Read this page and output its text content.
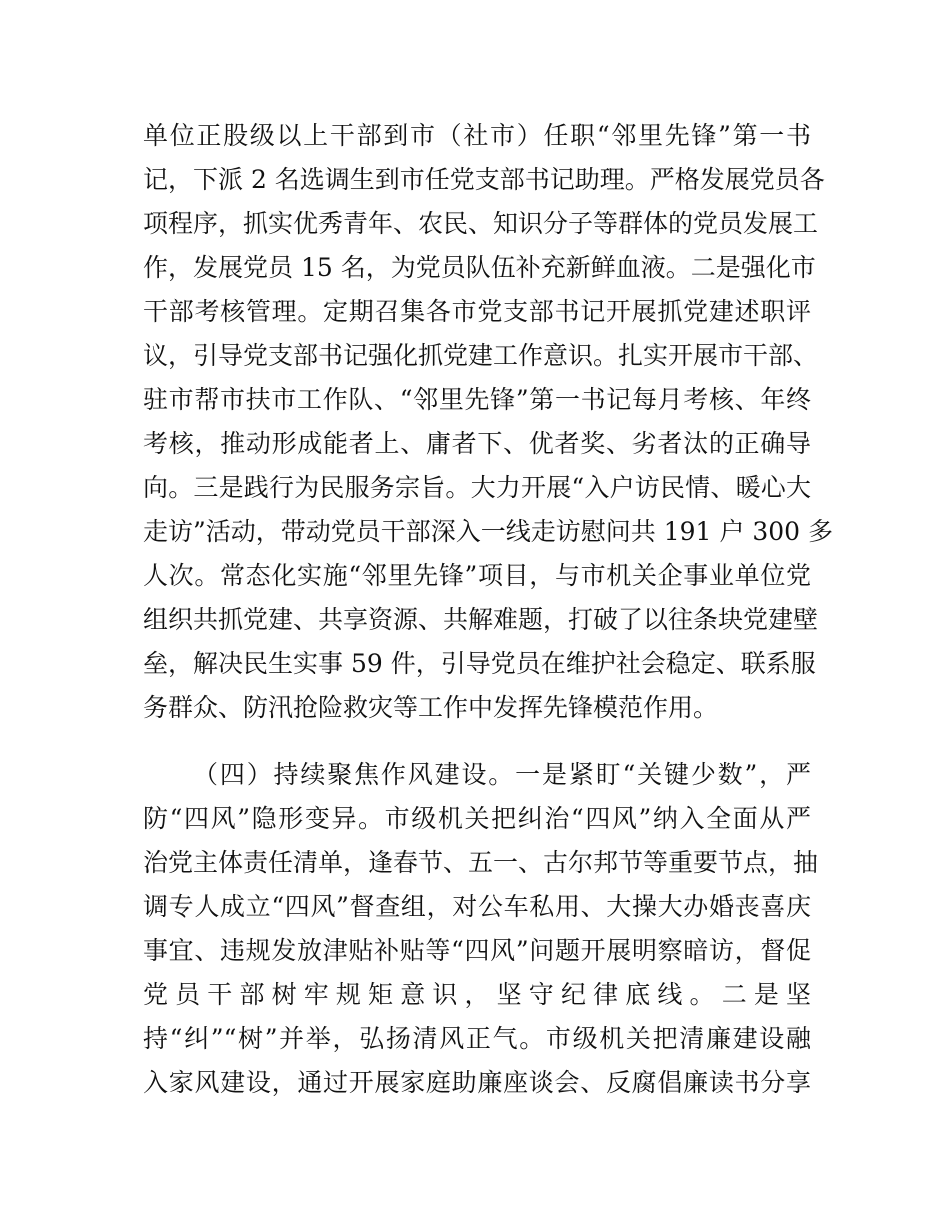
单位正股级以上干部到市（社市）任职“邻里先锋”第一书
记，下派 2 名选调生到市任党支部书记助理。严格发展党员各
项程序，抓实优秀青年、农民、知识分子等群体的党员发展工
作，发展党员 15 名，为党员队伍补充新鲜血液。二是强化市
干部考核管理。定期召集各市党支部书记开展抓党建述职评
议，引导党支部书记强化抓党建工作意识。扎实开展市干部、
驻市帮市扶市工作队、“邻里先锋”第一书记每月考核、年终
考核，推动形成能者上、庸者下、优者奖、劣者汰的正确导
向。三是践行为民服务宗旨。大力开展“入户访民情、暖心大
走访”活动，带动党员干部深入一线走访慰问共 191 户 300 多
人次。常态化实施“邻里先锋”项目，与市机关企事业单位党
组织共抓党建、共享资源、共解难题，打破了以往条块党建壁
垒，解决民生实事 59 件，引导党员在维护社会稳定、联系服
务群众、防汛抢险救灾等工作中发挥先锋模范作用。
（四）持续聚焦作风建设。一是紧盯“关键少数”，严
防“四风”隐形变异。市级机关把纠治“四风”纳入全面从严
治党主体责任清单，逢春节、五一、古尔邦节等重要节点，抽
调专人成立“四风”督查组，对公车私用、大操大办婚丧喜庆
事宜、违规发放津贴补贴等“四风”问题开展明察暗访，督促
党员干部树牢规矩意识，坚守纪律底线。二是坚
持“纠”“树”并举，弘扬清风正气。市级机关把清廉建设融
入家风建设，通过开展家庭助廉座谈会、反腐倡廉读书分享
